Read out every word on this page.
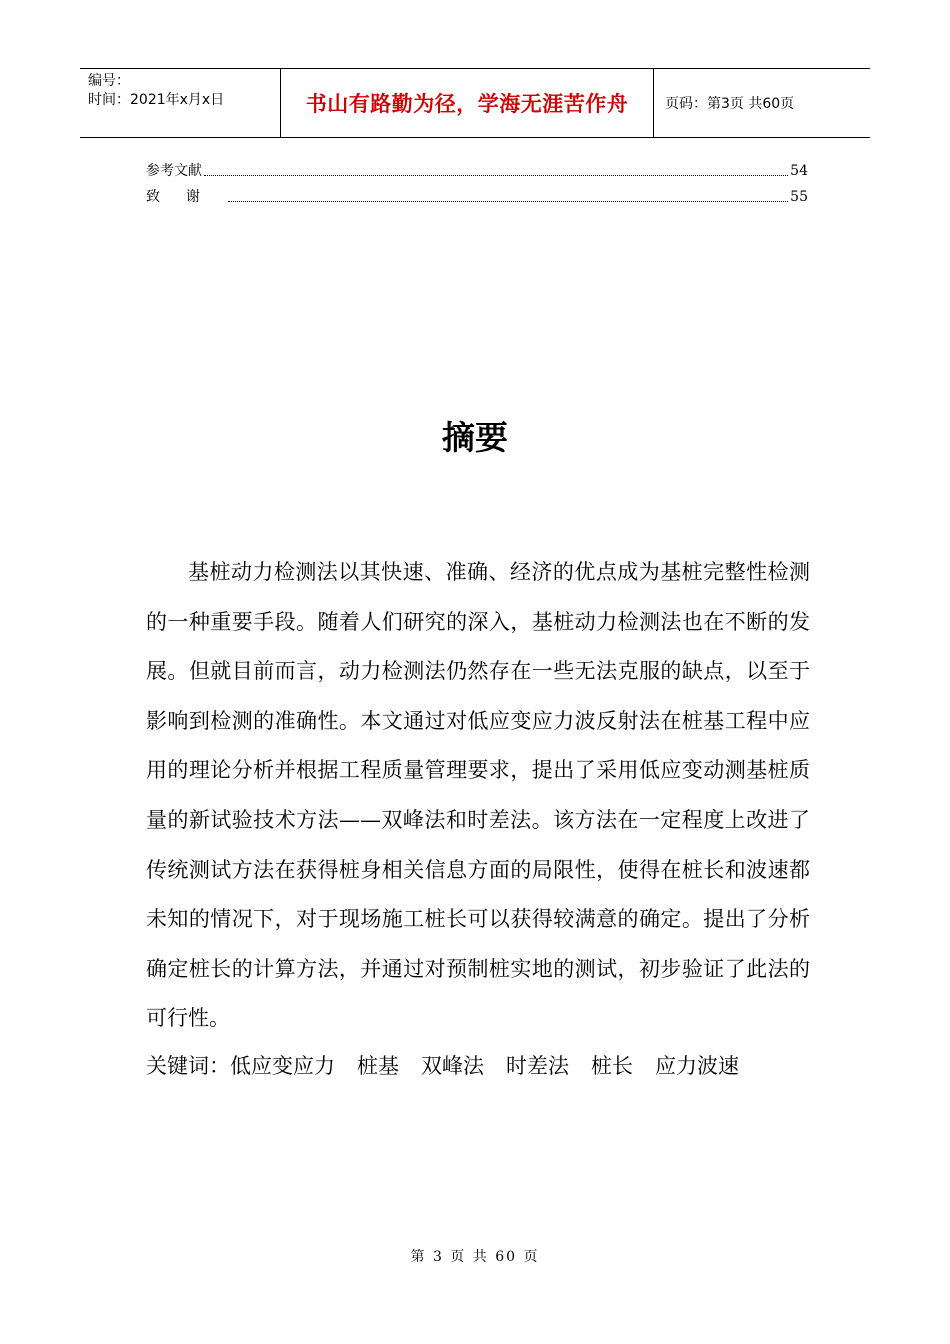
编号：
时间：2021年x月x日	书山有路勤为径，学海无涯苦作舟	页码：第3页 共60页
参考文献	54
致谢	55
摘要

基桩动力检测法以其快速、准确、经济的优点成为基桩完整性检测的一种重要手段。随着人们研究的深入，基桩动力检测法也在不断的发展。但就目前而言，动力检测法仍然存在一些无法克服的缺点，以至于影响到检测的准确性。本文通过对低应变应力波反射法在桩基工程中应用的理论分析并根据工程质量管理要求，提出了采用低应变动测基桩质量的新试验技术方法——双峰法和时差法。该方法在一定程度上改进了传统测试方法在获得桩身相关信息方面的局限性，使得在桩长和波速都未知的情况下，对于现场施工桩长可以获得较满意的确定。提出了分析确定桩长的计算方法，并通过对预制桩实地的测试，初步验证了此法的可行性。

关键词：低应变应力 桩基 双峰法 时差法 桩长 应力波速
第 3 页 共 60 页
